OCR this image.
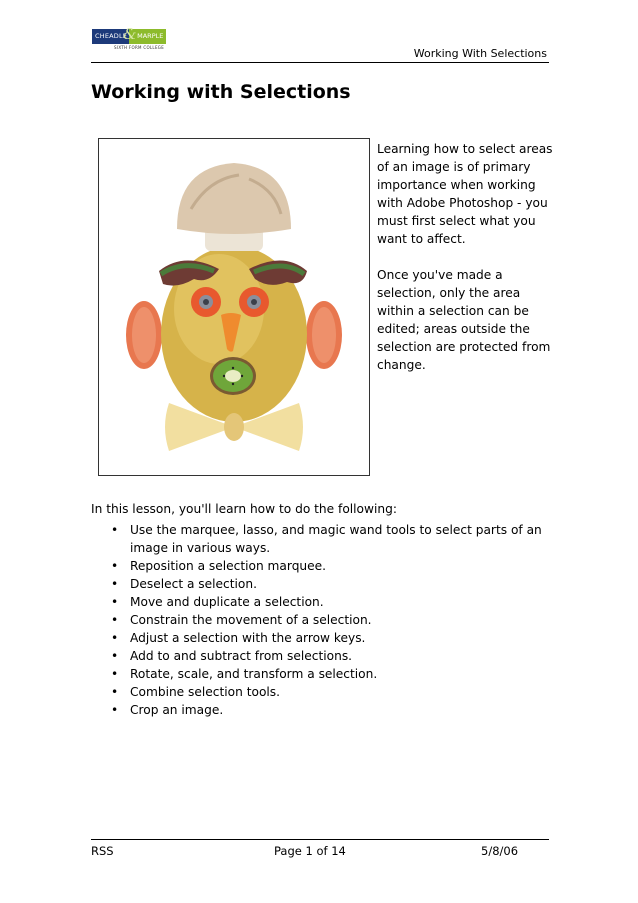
CHEADLE
& MARPLE
SIXTH FORM COLLEGE	Working With Selections
Working with Selections

Learning how to select areas of an image is of primary importance when working with Adobe Photoshop - you must first select what you want to affect.

Once you've made a selection, only the area within a selection can be edited; areas outside the selection are protected from change.

In this lesson, you'll learn how to do the following:

• Use the marquee, lasso, and magic wand tools to select parts of an image in various ways.
• Reposition a selection marquee.
• Deselect a selection.
• Move and duplicate a selection.
• Constrain the movement of a selection.
• Adjust a selection with the arrow keys.
• Add to and subtract from selections.
• Rotate, scale, and transform a selection.
• Combine selection tools.
• Crop an image.
RSS	Page 1 of 14	5/8/06
